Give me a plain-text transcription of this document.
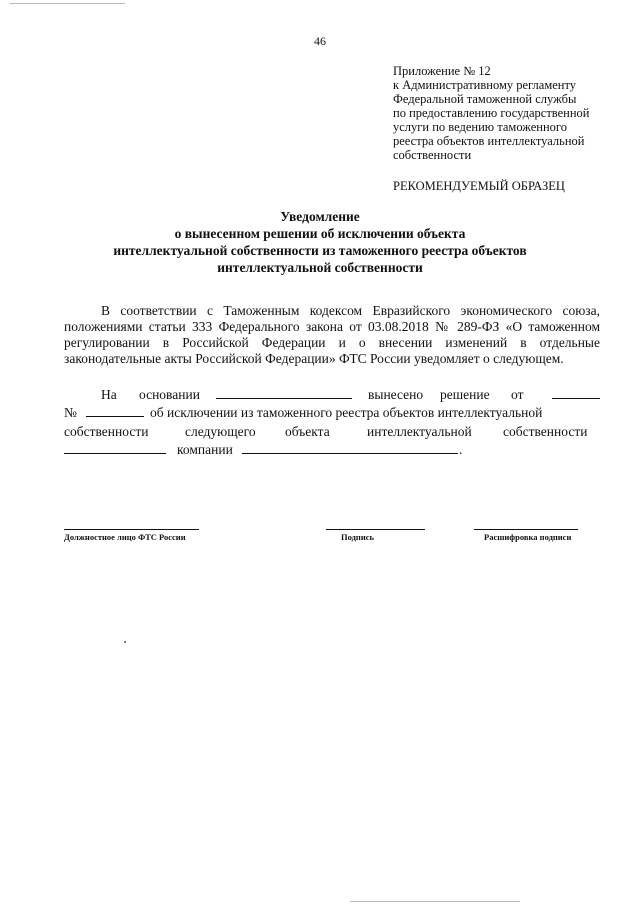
46
Приложение № 12
к Административному регламенту
Федеральной таможенной службы
по предоставлению государственной
услуги по ведению таможенного
реестра объектов интеллектуальной
собственности
РЕКОМЕНДУЕМЫЙ ОБРАЗЕЦ
Уведомление
о вынесенном решении об исключении объекта
интеллектуальной собственности из таможенного реестра объектов
интеллектуальной собственности
В соответствии с Таможенным кодексом Евразийского экономического союза, положениями статьи 333 Федерального закона от 03.08.2018 № 289-ФЗ «О таможенном регулировании в Российской Федерации и о внесении изменений в отдельные законодательные акты Российской Федерации» ФТС России уведомляет о следующем.
На основании	вынесено решение от
№	об исключении из таможенного реестра объектов интеллектуальной
собственности	следующего объекта	интеллектуальной собственности
компании	.
Должностное лицо ФТС России	Подпись	Расшифровка подписи
